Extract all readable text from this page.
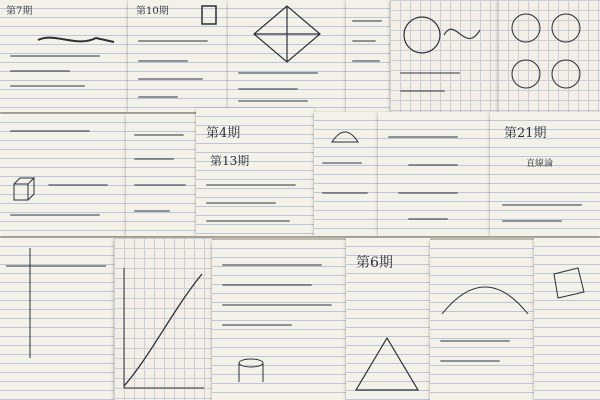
第7期	第10期
第4期
第13期
第21期
直線論
第6期
